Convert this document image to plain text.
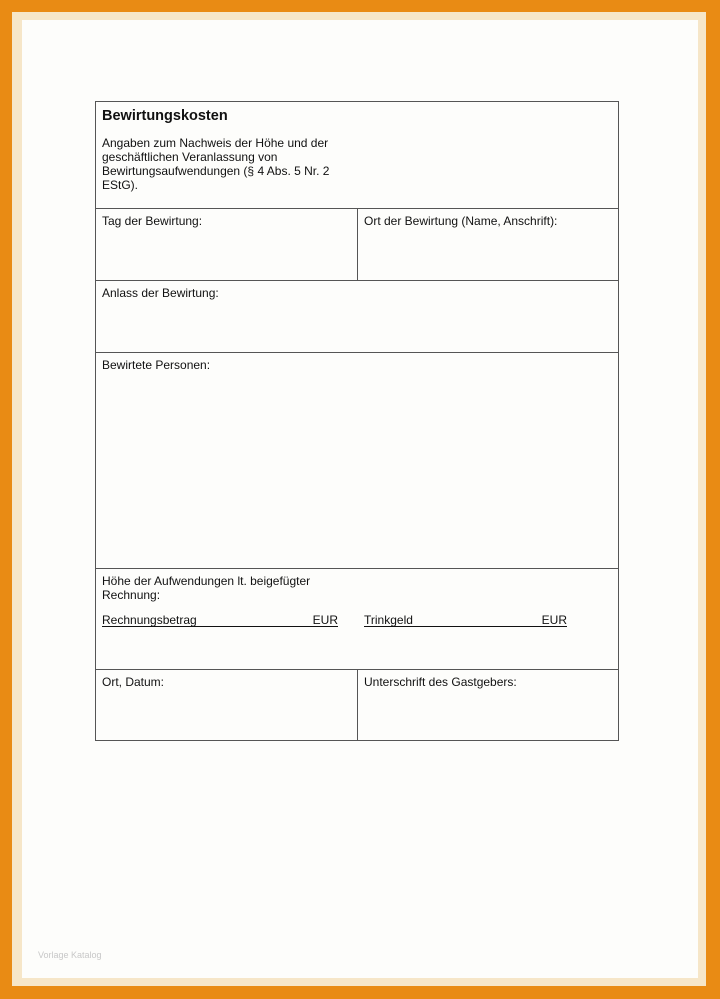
Bewirtungskosten
Angaben zum Nachweis der Höhe und der geschäftlichen Veranlassung von Bewirtungsaufwendungen (§ 4 Abs. 5 Nr. 2 EStG).
Tag der Bewirtung:	Ort der Bewirtung (Name, Anschrift):
Anlass der Bewirtung:
Bewirtete Personen:
Höhe der Aufwendungen lt. beigefügter Rechnung:
Rechnungsbetrag	EUR Trinkgeld	EUR
Ort, Datum:	Unterschrift des Gastgebers:
Vorlage Katalog
